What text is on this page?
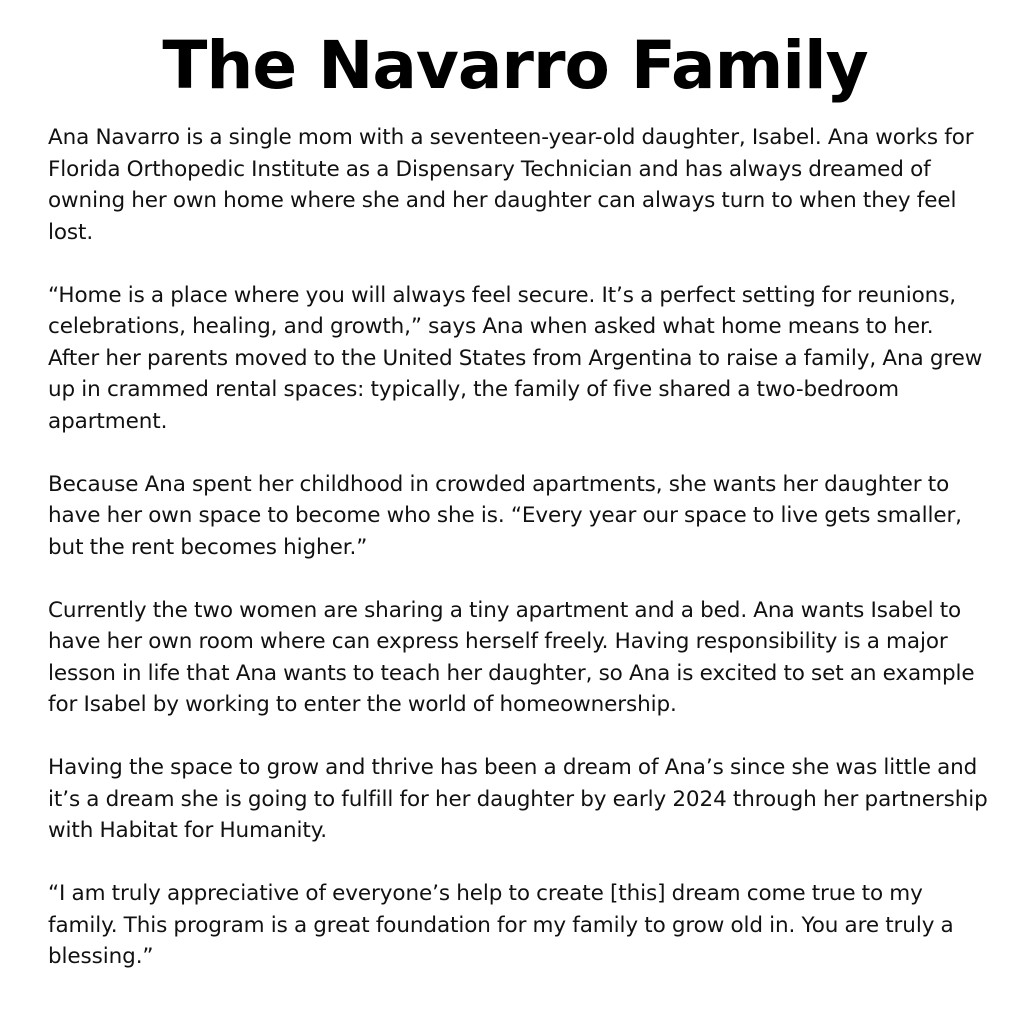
The Navarro Family

Ana Navarro is a single mom with a seventeen-year-old daughter, Isabel. Ana works for Florida Orthopedic Institute as a Dispensary Technician and has always dreamed of owning her own home where she and her daughter can always turn to when they feel lost.

“Home is a place where you will always feel secure. It’s a perfect setting for reunions, celebrations, healing, and growth,” says Ana when asked what home means to her. After her parents moved to the United States from Argentina to raise a family, Ana grew up in crammed rental spaces: typically, the family of five shared a two-bedroom apartment.

Because Ana spent her childhood in crowded apartments, she wants her daughter to have her own space to become who she is. “Every year our space to live gets smaller, but the rent becomes higher.”

Currently the two women are sharing a tiny apartment and a bed. Ana wants Isabel to have her own room where can express herself freely. Having responsibility is a major lesson in life that Ana wants to teach her daughter, so Ana is excited to set an example for Isabel by working to enter the world of homeownership.

Having the space to grow and thrive has been a dream of Ana’s since she was little and it’s a dream she is going to fulfill for her daughter by early 2024 through her partnership with Habitat for Humanity.

“I am truly appreciative of everyone’s help to create [this] dream come true to my family. This program is a great foundation for my family to grow old in. You are truly a blessing.”
